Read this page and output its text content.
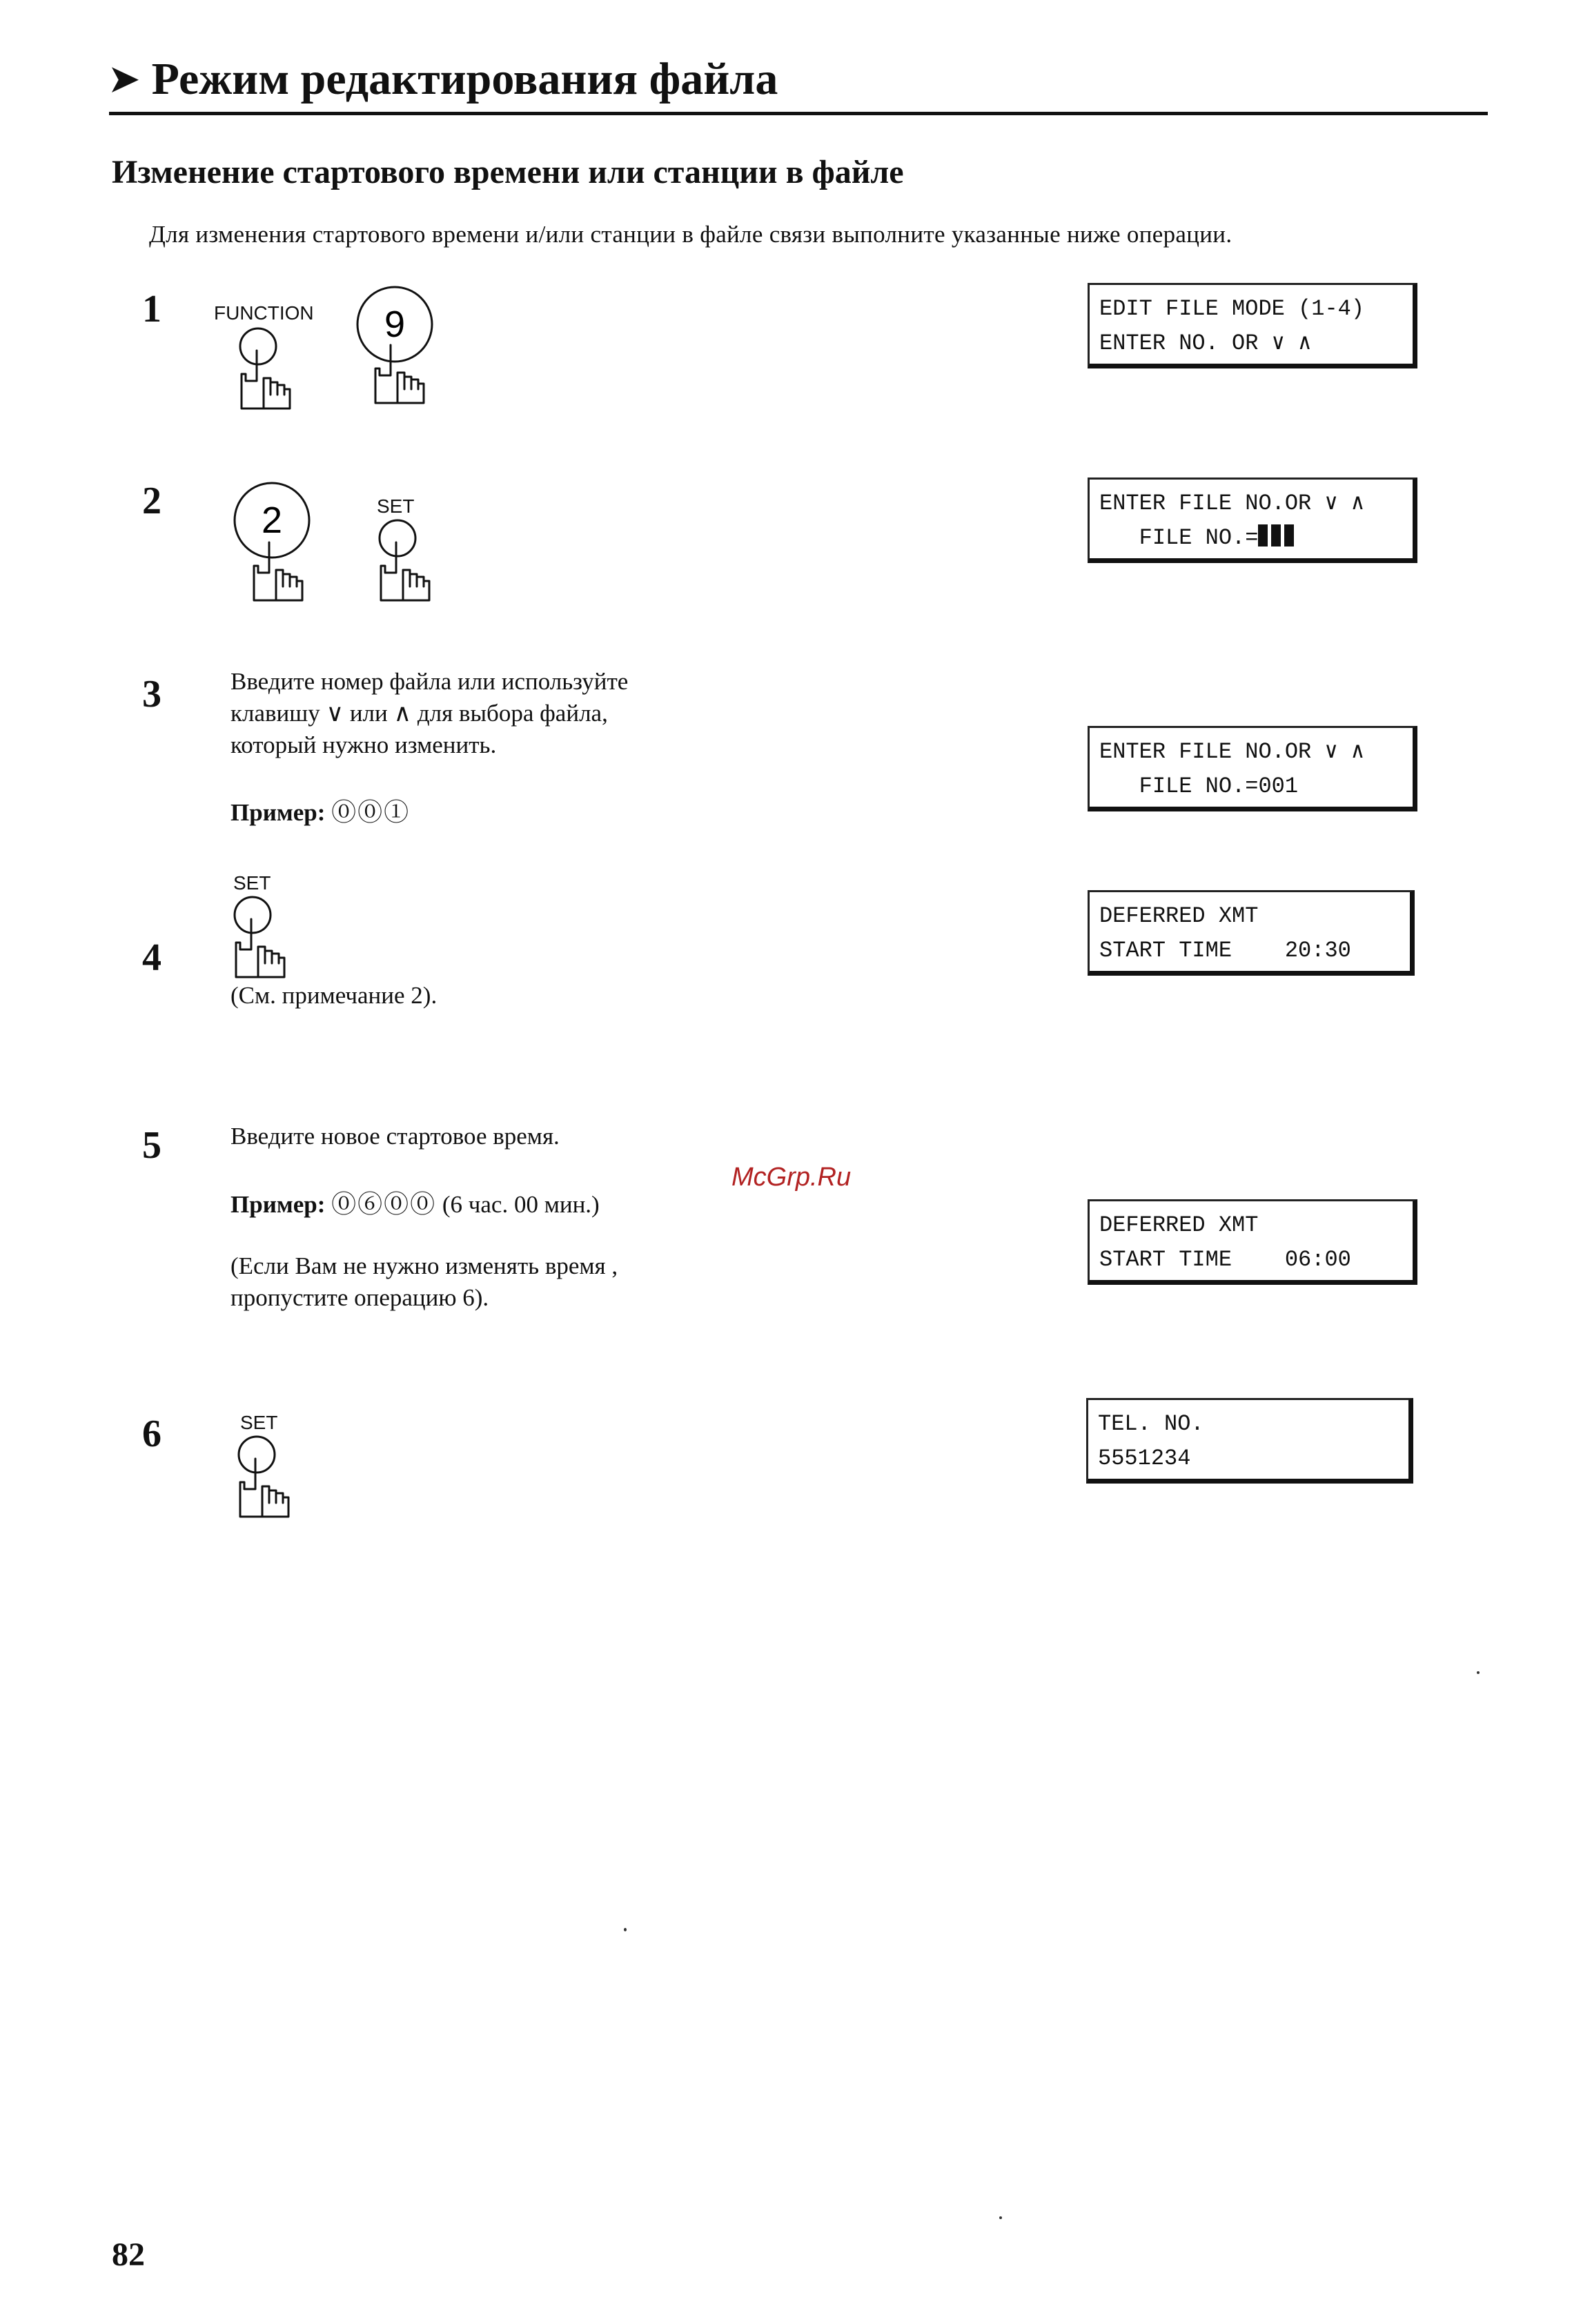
➤ Режим редактирования файла
Изменение стартового времени или станции в файле
Для изменения стартового времени и/или станции в файле связи выполните указанные ниже операции.
1	FUNCTION 9	EDIT FILE MODE (1-4)
ENTER NO. OR ∨ ∧
2	2	SET	ENTER FILE NO.OR ∨ ∧
FILE NO.=
3	Введите номер файла или используйте
клавишу ∨ или ∧ для выбора файла,
который нужно изменить.
Пример: ⓪⓪①
ENTER FILE NO.OR ∨ ∧
FILE NO.=001
SET
4
(См. примечание 2).
DEFERRED XMT
START TIME    20:30
5	Введите новое стартовое время.
Пример: ⓪⑥⓪⓪ (6 час. 00 мин.)
(Если Вам не нужно изменять время ,
пропустите операцию 6).
DEFERRED XMT
START TIME    06:00
McGrp.Ru
6	SET	TEL. NO.
5551234
82
